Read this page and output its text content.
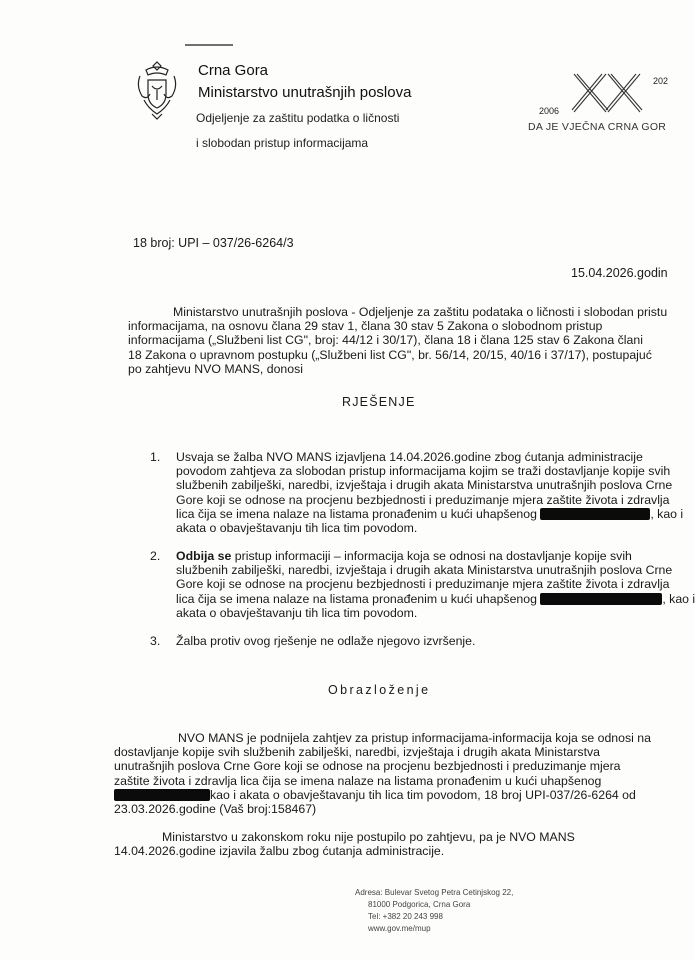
Crna Gora
Ministarstvo unutrašnjih poslova
Odjeljenje za zaštitu podatka o ličnosti
i slobodan pristup informacijama
2006
202
DA JE VJEČNA CRNA GOR
18 broj: UPI – 037/26-6264/3
15.04.2026.godin
Ministarstvo unutrašnjih poslova - Odjeljenje za zaštitu podataka o ličnosti i slobodan pristu
informacijama, na osnovu člana 29 stav 1, člana 30 stav 5 Zakona o slobodnom pristup
informacijama („Službeni list CG", broj: 44/12 i 30/17), člana 18 i člana 125 stav 6 Zakona člani
18 Zakona o upravnom postupku („Službeni list CG", br. 56/14, 20/15, 40/16 i 37/17), postupajuć
po zahtjevu NVO MANS, donosi
RJEŠENJE
1. Usvaja se žalba NVO MANS izjavljena 14.04.2026.godine zbog ćutanja administracije
povodom zahtjeva za slobodan pristup informacijama kojim se traži dostavljanje kopije svih
službenih zabilješki, naredbi, izvještaja i drugih akata Ministarstva unutrašnjih poslova Crne
Gore koji se odnose na procjenu bezbjednosti i preduzimanje mjera zaštite života i zdravlja
lica čija se imena nalaze na listama pronađenim u kući uhapšenog	, kao i
akata o obavještavanju tih lica tim povodom.
2. Odbija se pristup informaciji – informacija koja se odnosi na dostavljanje kopije svih
službenih zabilješki, naredbi, izvještaja i drugih akata Ministarstva unutrašnjih poslova Crne
Gore koji se odnose na procjenu bezbjednosti i preduzimanje mjera zaštite života i zdravlja
lica čija se imena nalaze na listama pronađenim u kući uhapšenog	, kao i
akata o obavještavanju tih lica tim povodom.
3. Žalba protiv ovog rješenje ne odlaže njegovo izvršenje.
Obrazloženje
NVO MANS je podnijela zahtjev za pristup informacijama-informacija koja se odnosi na
dostavljanje kopije svih službenih zabilješki, naredbi, izvještaja i drugih akata Ministarstva
unutrašnjih poslova Crne Gore koji se odnose na procjenu bezbjednosti i preduzimanje mjera
zaštite života i zdravlja lica čija se imena nalaze na listama pronađenim u kući uhapšenog
kao i akata o obavještavanju tih lica tim povodom, 18 broj UPI-037/26-6264 od
23.03.2026.godine (Vaš broj:158467)
Ministarstvo u zakonskom roku nije postupilo po zahtjevu, pa je NVO MANS
14.04.2026.godine izjavila žalbu zbog ćutanja administracije.
Adresa: Bulevar Svetog Petra Cetinjskog 22,
81000 Podgorica, Crna Gora
Tel: +382 20 243 998
www.gov.me/mup
